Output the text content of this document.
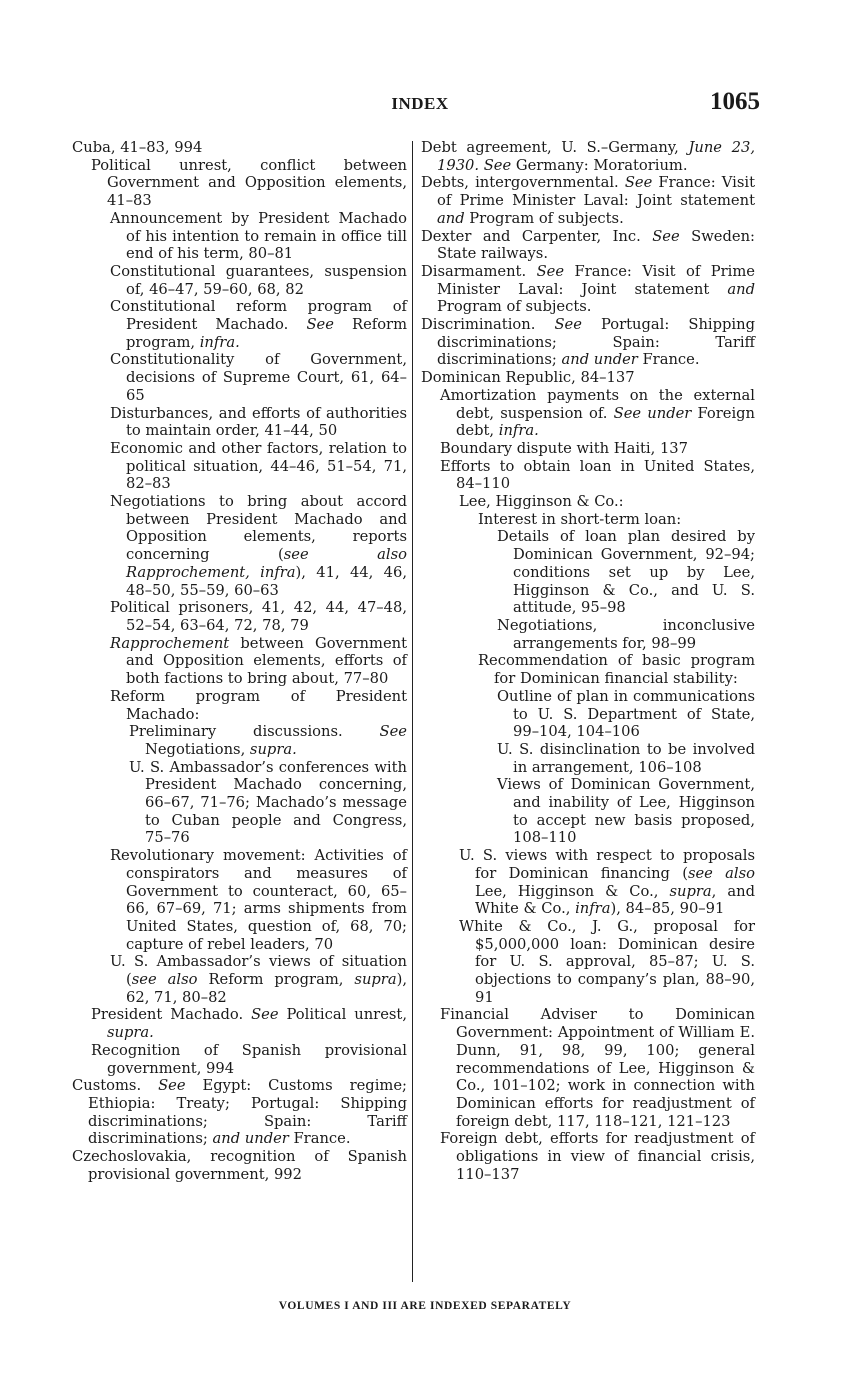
INDEX	1065
Cuba, 41–83, 994
Political unrest, conflict between Government and Opposition elements, 41–83
Announcement by President Machado of his intention to remain in office till end of his term, 80–81
Constitutional guarantees, suspension of, 46–47, 59–60, 68, 82
Constitutional reform program of President Machado. See Reform program, infra.
Constitutionality of Government, decisions of Supreme Court, 61, 64–65
Disturbances, and efforts of authorities to maintain order, 41–44, 50
Economic and other factors, relation to political situation, 44–46, 51–54, 71, 82–83
Negotiations to bring about accord between President Machado and Opposition elements, reports concerning (see also Rapprochement, infra), 41, 44, 46, 48–50, 55–59, 60–63
Political prisoners, 41, 42, 44, 47–48, 52–54, 63–64, 72, 78, 79
Rapprochement between Government and Opposition elements, efforts of both factions to bring about, 77–80
Reform program of President Machado:
Preliminary discussions. See Negotiations, supra.
U. S. Ambassador’s conferences with President Machado concerning, 66–67, 71–76; Machado’s message to Cuban people and Congress, 75–76
Revolutionary movement: Activities of conspirators and measures of Government to counteract, 60, 65–66, 67–69, 71; arms shipments from United States, question of, 68, 70; capture of rebel leaders, 70
U. S. Ambassador’s views of situation (see also Reform program, supra), 62, 71, 80–82
President Machado. See Political unrest, supra.
Recognition of Spanish provisional government, 994
Customs. See Egypt: Customs regime; Ethiopia: Treaty; Portugal: Shipping discriminations; Spain: Tariff discriminations; and under France.
Czechoslovakia, recognition of Spanish provisional government, 992
Debt agreement, U. S.–Germany, June 23, 1930. See Germany: Moratorium.
Debts, intergovernmental. See France: Visit of Prime Minister Laval: Joint statement and Program of subjects.
Dexter and Carpenter, Inc. See Sweden: State railways.
Disarmament. See France: Visit of Prime Minister Laval: Joint statement and Program of subjects.
Discrimination. See Portugal: Shipping discriminations; Spain: Tariff discriminations; and under France.
Dominican Republic, 84–137
Amortization payments on the external debt, suspension of. See under Foreign debt, infra.
Boundary dispute with Haiti, 137
Efforts to obtain loan in United States, 84–110
Lee, Higginson & Co.:
Interest in short-term loan:
Details of loan plan desired by Dominican Government, 92–94; conditions set up by Lee, Higginson & Co., and U. S. attitude, 95–98
Negotiations, inconclusive arrangements for, 98–99
Recommendation of basic program for Dominican financial stability:
Outline of plan in communications to U. S. Department of State, 99–104, 104–106
U. S. disinclination to be involved in arrangement, 106–108
Views of Dominican Government, and inability of Lee, Higginson to accept new basis proposed, 108–110
U. S. views with respect to proposals for Dominican financing (see also Lee, Higginson & Co., supra, and White & Co., infra), 84–85, 90–91
White & Co., J. G., proposal for $5,000,000 loan: Dominican desire for U. S. approval, 85–87; U. S. objections to company’s plan, 88–90, 91
Financial Adviser to Dominican Government: Appointment of William E. Dunn, 91, 98, 99, 100; general recommendations of Lee, Higginson & Co., 101–102; work in connection with Dominican efforts for readjustment of foreign debt, 117, 118–121, 121–123
Foreign debt, efforts for readjustment of obligations in view of financial crisis, 110–137
VOLUMES I AND III ARE INDEXED SEPARATELY
